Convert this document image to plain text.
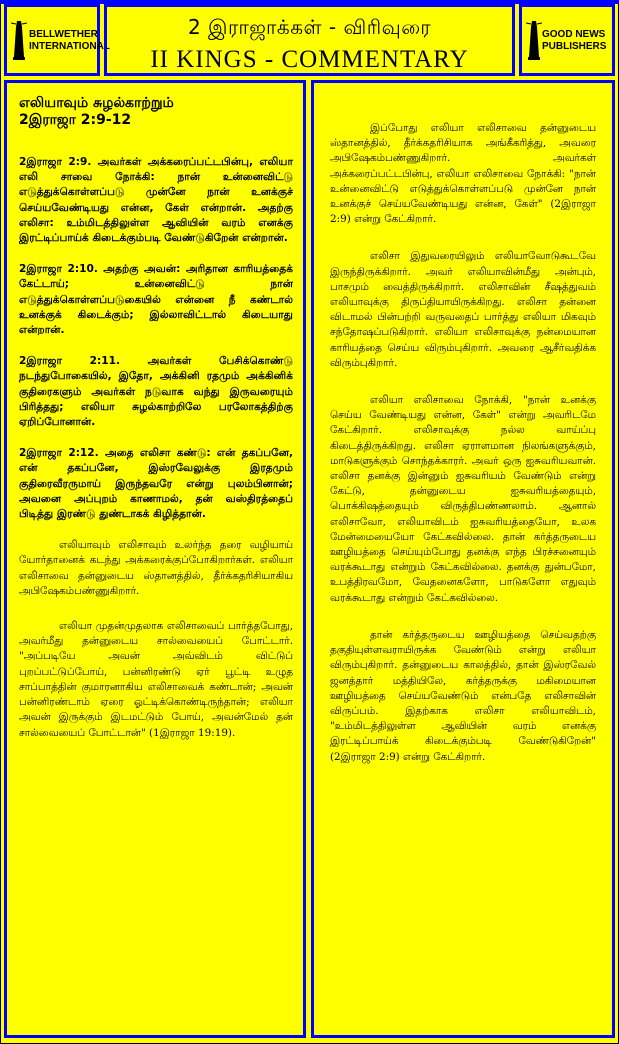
BELLWETHER
INTERNATIONAL
2 இராஜாக்கள் - விரிவுரை
II KINGS - COMMENTARY
GOOD NEWS
PUBLISHERS
எலியாவும் சுழல்காற்றும்
2இராஜா 2:9-12

2இராஜா 2:9. அவர்கள் அக்கரைப்பட்டபின்பு, எலியா எலி சாவை நோக்கி: நான் உன்னைவிட்டு எடுத்துக்கொள்ளப்படு முன்னே நான் உனக்குச் செய்யவேண்டியது என்ன, கேள் என்றான். அதற்கு எலிசா: உம்மிடத்திலுள்ள ஆவியின் வரம் எனக்கு இரட்டிப்பாய்க் கிடைக்கும்படி வேண்டுகிறேன் என்றான்.

2இராஜா 2:10. அதற்கு அவன்: அரிதான காரியத்தைக் கேட்டாய்; உன்னைவிட்டு நான் எடுத்துக்கொள்ளப்படுகையில் என்னை நீ கண்டால் உனக்குக் கிடைக்கும்; இல்லாவிட்டால் கிடையாது என்றான்.

2இராஜா 2:11. அவர்கள் பேசிக்கொண்டு நடந்துபோகையில், இதோ, அக்கினி ரதமும் அக்கினிக் குதிரைகளும் அவர்கள் நடுவாக வந்து இருவரையும் பிரித்தது; எலியா சுழல்காற்றிலே பரலோகத்திற்கு ஏறிப்போனான்.

2இராஜா 2:12. அதை எலிசா கண்டு: என் தகப்பனே, என் தகப்பனே, இஸ்ரவேலுக்கு இரதமும் குதிரைவீரருமாய் இருந்தவரே என்று புலம்பினான்; அவனை அப்புறம் காணாமல், தன் வஸ்திரத்தைப் பிடித்து இரண்டு துண்டாகக் கிழித்தான்.

எலியாவும் எலிசாவும் உலர்ந்த தரை வழியாய் யோர்தானைக் கடந்து அக்கரைக்குப்போகிறார்கள். எலியா எலிசாவை தன்னுடைய ஸ்தானத்தில், தீர்க்கதரிசியாகிய அபிஷேகம்பண்ணுகிறார்.

எலியா முதன்முதலாக எலிசாவைப் பார்த்தபோது, அவர்மீது தன்னுடைய சால்வையைப் போட்டார். "அப்படியே அவன் அவ்விடம் விட்டுப் புறப்பட்டுப்போய், பன்னிரண்டு ஏர் பூட்டி உழுத சாப்பாத்தின் குமாரனாகிய எலிசாவைக் கண்டான்; அவன் பன்னிரண்டாம் ஏரை ஓட்டிக்கொண்டிருந்தான்; எலியா அவன் இருக்கும் இடமட்டும் போய், அவன்மேல் தன் சால்வையைப் போட்டான்" (1இராஜா 19:19).

இப்போது எலியா எலிசாவை தன்னுடைய ஸ்தானத்தில், தீர்க்கதரிசியாக அங்கீகரித்து, அவரை அபிஷேகம்பண்ணுகிறார். அவர்கள் அக்கரைப்பட்டபின்பு, எலியா எலிசாவை நோக்கி: "நான் உன்னைவிட்டு எடுத்துக்கொள்ளப்படு முன்னே நான் உனக்குச் செய்யவேண்டியது என்ன, கேள்" (2இராஜா 2:9) என்று கேட்கிறார்.

எலிசா இதுவரையிலும் எலியாவோடுகூடவே இருந்திருக்கிறார். அவர் எலியாவின்மீது அன்பும், பாசமும் வைத்திருக்கிறார். எலிசாவின் சீஷத்துவம் எலியாவுக்கு திருப்தியாயிருக்கிறது. எலிசா தன்னை விடாமல் பின்பற்றி வருவதைப் பார்த்து எலியா மிகவும் சந்தோஷப்படுகிறார். எலியா எலிசாவுக்கு நன்மையான காரியத்தை செய்ய விரும்புகிறார். அவரை ஆசீர்வதிக்க விரும்புகிறார்.

எலியா எலிசாவை நோக்கி, "நான் உனக்கு செய்ய வேண்டியது என்ன, கேள்" என்று அவரிடமே கேட்கிறார். எலிசாவுக்கு நல்ல வாய்ப்பு கிடைத்திருக்கிறது. எலிசா ஏராளமான நிலங்களுக்கும், மாடுகளுக்கும் சொந்தக்காரர். அவர் ஒரு ஐசுவரியவான். எலிசா தனக்கு இன்னும் ஐசுவரியம் வேண்டும் என்று கேட்டு, தன்னுடைய ஐசுவரியத்தையும், பொக்கிஷத்தையும் விருத்திபண்ணலாம். ஆனால் எலிசாவோ, எலியாவிடம் ஐசுவரியத்தையோ, உலக மேன்மையையோ கேட்கவில்லை. தான் கர்த்தருடைய ஊழியத்தை செய்யும்போது தனக்கு எந்த பிரச்சனையும் வரக்கூடாது என்றும் கேட்கவில்லை. தனக்கு துன்பமோ, உபத்திரவமோ, வேதனைகளோ, பாடுகளோ எதுவும் வரக்கூடாது என்றும் கேட்கவில்லை.

தான் கர்த்தருடைய ஊழியத்தை செய்வதற்கு தகுதியுள்ளவராயிருக்க வேண்டும் என்று எலியா விரும்புகிறார். தன்னுடைய காலத்தில், தான் இஸ்ரவேல் ஜனத்தார் மத்தியிலே, கர்த்தருக்கு மகிமையான ஊழியத்தை செய்யவேண்டும் என்பதே எலிசாவின் விருப்பம். இதற்காக எலிசா எலியாவிடம், "உம்மிடத்திலுள்ள ஆவியின் வரம் எனக்கு இரட்டிப்பாய்க் கிடைக்கும்படி வேண்டுகிறேன்" (2இராஜா 2:9) என்று கேட்கிறார்.
